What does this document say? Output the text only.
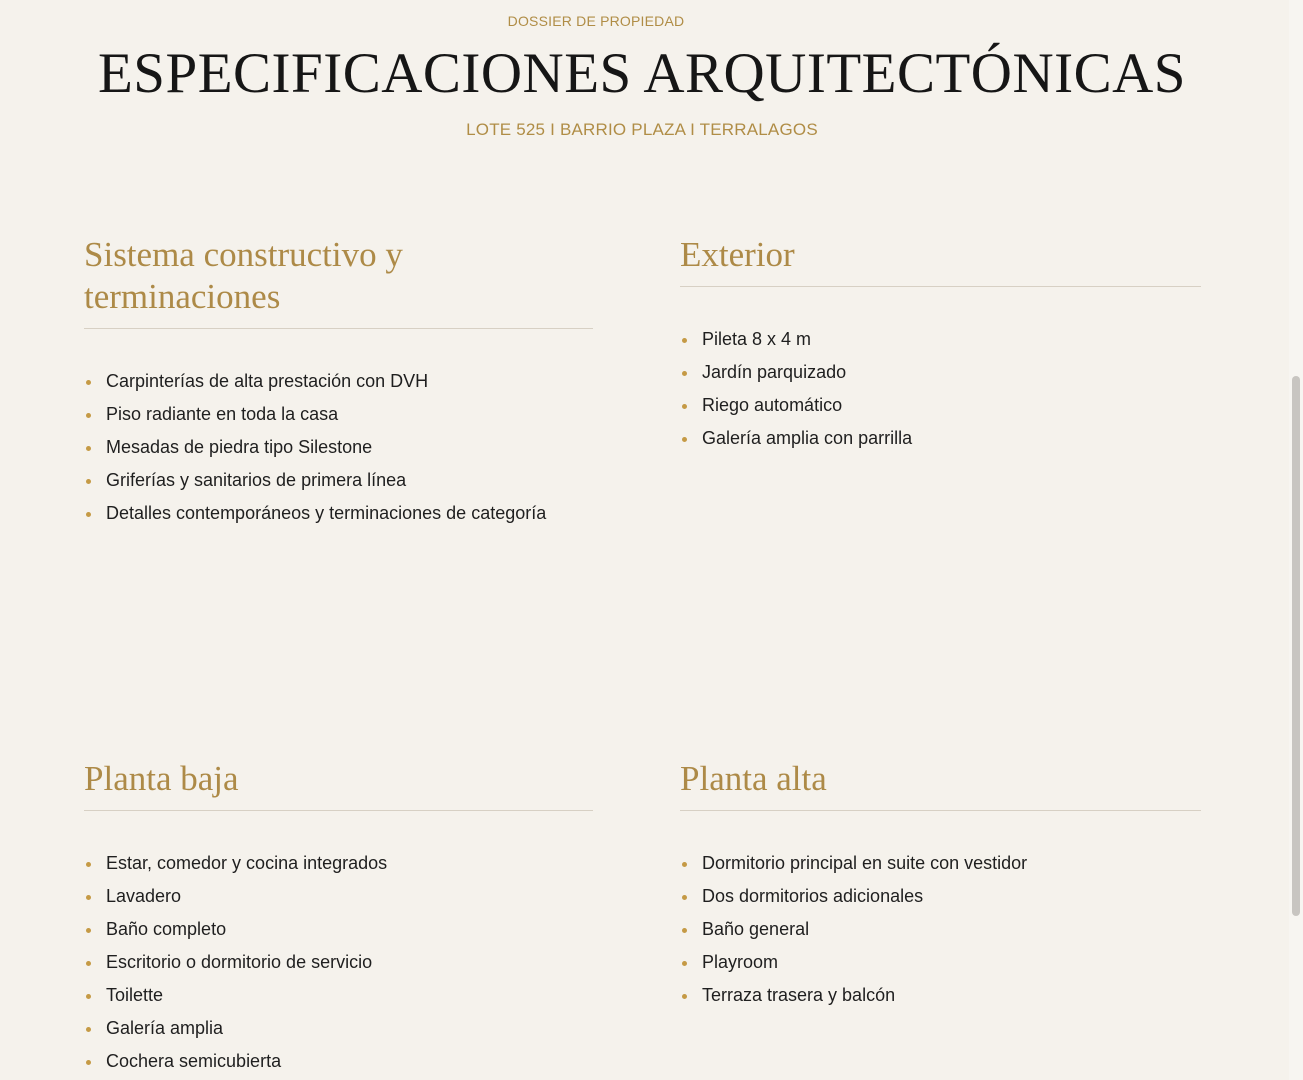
DOSSIER DE PROPIEDAD
ESPECIFICACIONES ARQUITECTÓNICAS
LOTE 525 I BARRIO PLAZA I TERRALAGOS
Sistema constructivo y terminaciones
Carpinterías de alta prestación con DVH
Piso radiante en toda la casa
Mesadas de piedra tipo Silestone
Griferías y sanitarios de primera línea
Detalles contemporáneos y terminaciones de categoría
Exterior
Pileta 8 x 4 m
Jardín parquizado
Riego automático
Galería amplia con parrilla
Planta baja
Estar, comedor y cocina integrados
Lavadero
Baño completo
Escritorio o dormitorio de servicio
Toilette
Galería amplia
Cochera semicubierta
Planta alta
Dormitorio principal en suite con vestidor
Dos dormitorios adicionales
Baño general
Playroom
Terraza trasera y balcón
